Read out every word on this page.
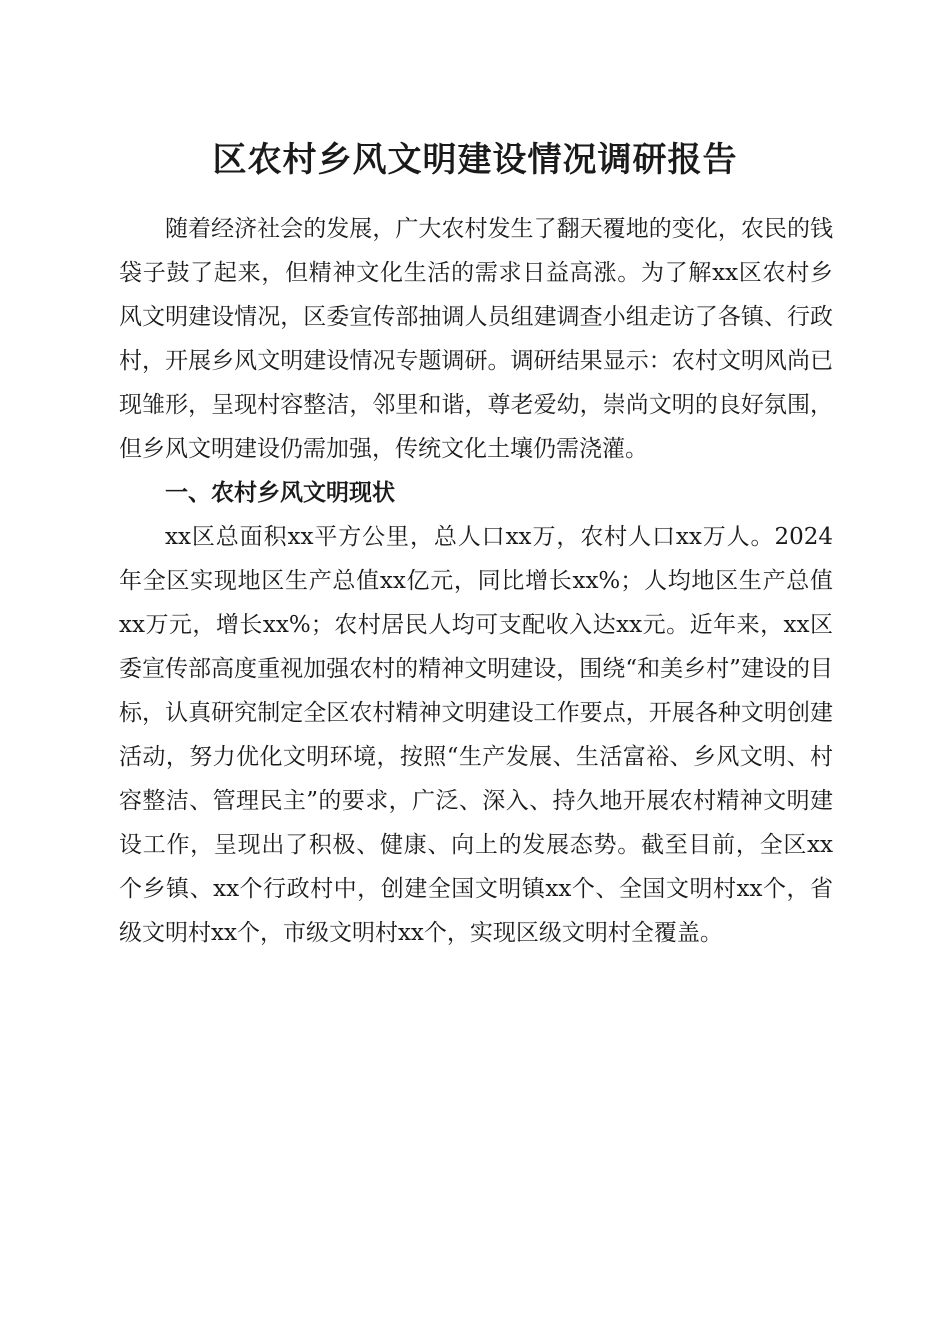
区农村乡风文明建设情况调研报告

随着经济社会的发展，广大农村发生了翻天覆地的变化，农民的钱袋子鼓了起来，但精神文化生活的需求日益高涨。为了解xx区农村乡风文明建设情况，区委宣传部抽调人员组建调查小组走访了各镇、行政村，开展乡风文明建设情况专题调研。调研结果显示：农村文明风尚已现雏形，呈现村容整洁，邻里和谐，尊老爱幼，崇尚文明的良好氛围，但乡风文明建设仍需加强，传统文化土壤仍需浇灌。

一、农村乡风文明现状

xx区总面积xx平方公里，总人口xx万，农村人口xx万人。2024年全区实现地区生产总值xx亿元，同比增长xx%；人均地区生产总值xx万元，增长xx%；农村居民人均可支配收入达xx元。近年来，xx区委宣传部高度重视加强农村的精神文明建设，围绕“和美乡村”建设的目标，认真研究制定全区农村精神文明建设工作要点，开展各种文明创建活动，努力优化文明环境，按照“生产发展、生活富裕、乡风文明、村容整洁、管理民主”的要求，广泛、深入、持久地开展农村精神文明建设工作，呈现出了积极、健康、向上的发展态势。截至目前，全区xx个乡镇、xx个行政村中，创建全国文明镇xx个、全国文明村xx个，省级文明村xx个，市级文明村xx个，实现区级文明村全覆盖。
